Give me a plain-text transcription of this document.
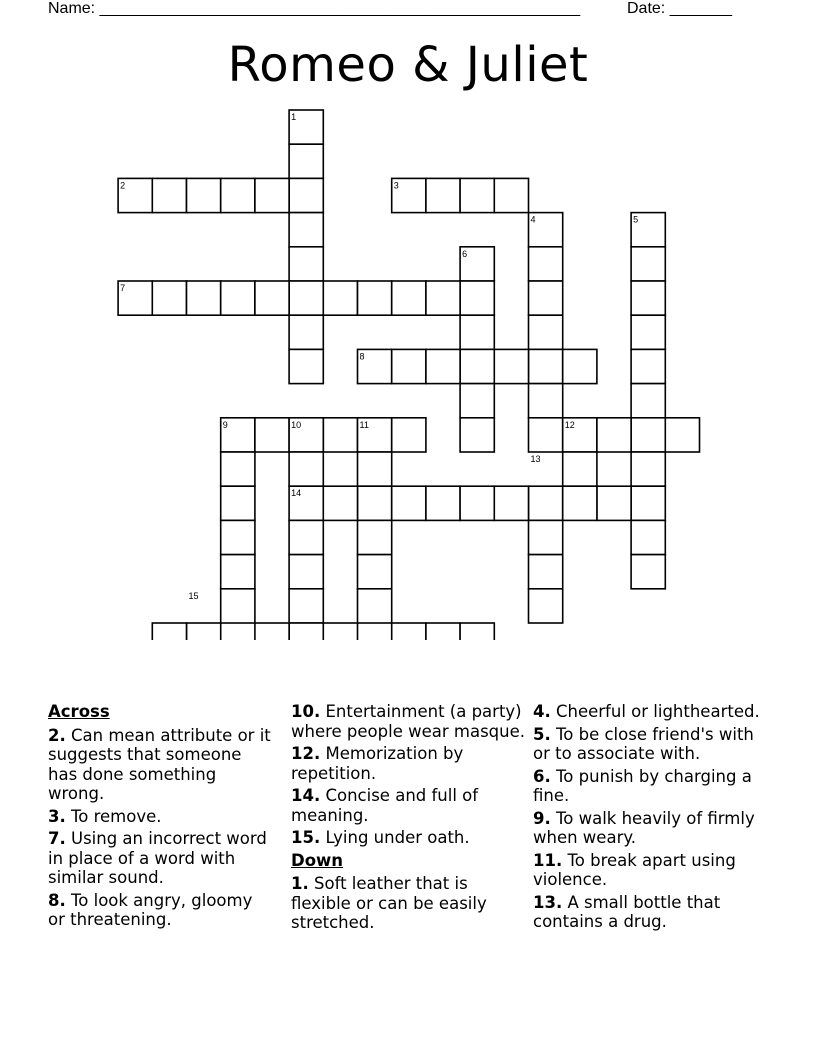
Name: ______________________________________________________	Date: _______
Romeo & Juliet
1
2	3
4	5
6
7
8
9	10	11	12
13
14
15
Across
2. Can mean attribute or it suggests that someone has done something wrong.
3. To remove.
7. Using an incorrect word in place of a word with similar sound.
8. To look angry, gloomy or threatening.
10. Entertainment (a party) where people wear masque.
12. Memorization by repetition.
14. Concise and full of meaning.
15. Lying under oath.
Down
1. Soft leather that is flexible or can be easily stretched.
4. Cheerful or lighthearted.
5. To be close friend's with or to associate with.
6. To punish by charging a fine.
9. To walk heavily of firmly when weary.
11. To break apart using violence.
13. A small bottle that contains a drug.
